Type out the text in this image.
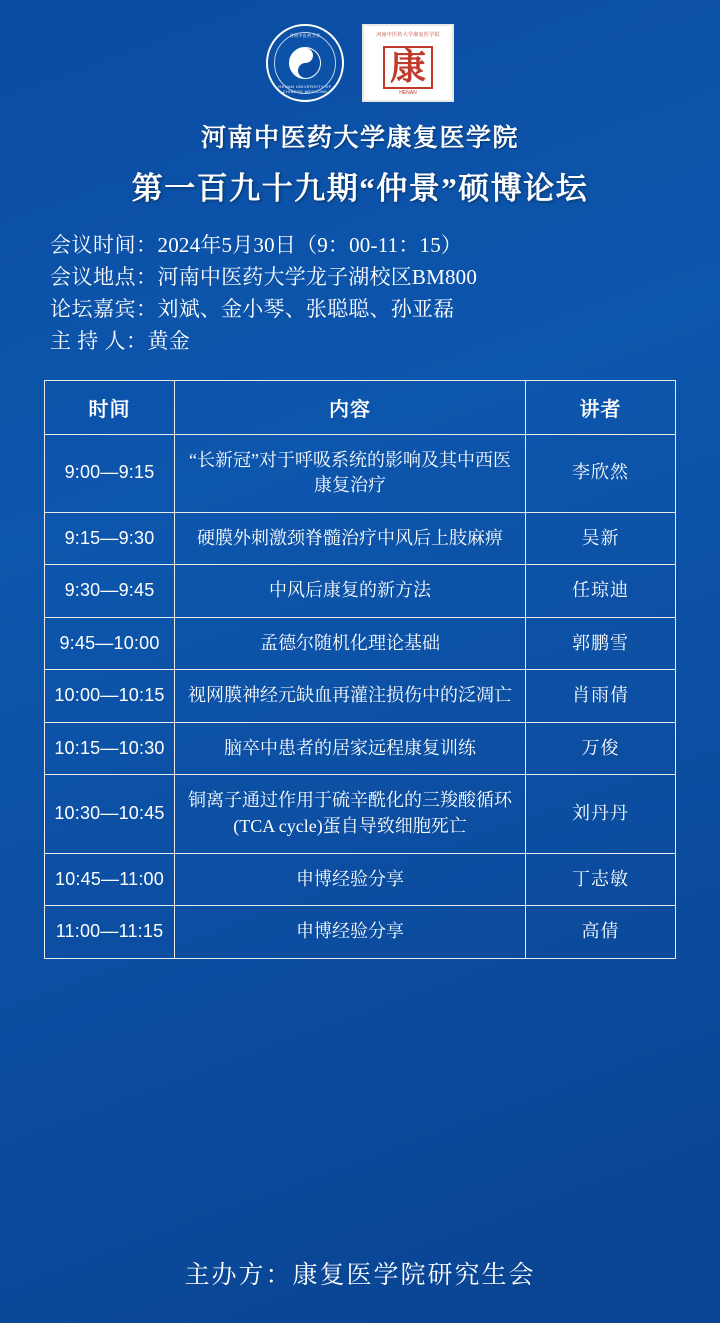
河南中医药大学
HENAN UNIVERSITY OF CHINESE MEDICINE
河南中医药大学康复医学院
康
HENAN
河南中医药大学康复医学院
第一百九十九期“仲景”硕博论坛
会议时间：2024年5月30日（9：00-11：15）
会议地点：河南中医药大学龙子湖校区BM800
论坛嘉宾：刘斌、金小琴、张聪聪、孙亚磊
主 持 人：黄金
时间	内容	讲者
9:00—9:15	“长新冠”对于呼吸系统的影响及其中西医康复治疗	李欣然
9:15—9:30	硬膜外刺激颈脊髓治疗中风后上肢麻痹	吴新
9:30—9:45	中风后康复的新方法	任琼迪
9:45—10:00	孟德尔随机化理论基础	郭鹏雪
10:00—10:15	视网膜神经元缺血再灌注损伤中的泛凋亡	肖雨倩
10:15—10:30	脑卒中患者的居家远程康复训练	万俊
10:30—10:45	铜离子通过作用于硫辛酰化的三羧酸循环(TCA cycle)蛋自导致细胞死亡	刘丹丹
10:45—11:00	申博经验分享	丁志敏
11:00—11:15	申博经验分享	高倩
主办方：康复医学院研究生会
